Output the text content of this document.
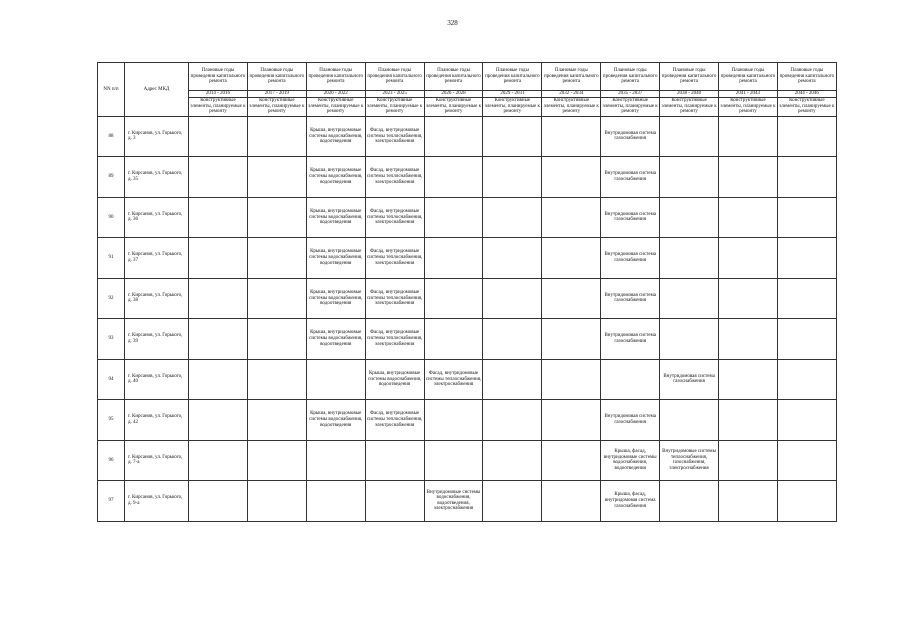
328
NN п/п	Адрес МКД	Плановые годы проведения капитального ремонта	Плановые годы проведения капитального ремонта	Плановые годы проведения капитального ремонта	Плановые годы проведения капитального ремонта	Плановые годы проведения капитального ремонта	Плановые годы проведения капитального ремонта	Плановые годы проведения капитального ремонта	Плановые годы проведения капитального ремонта	Плановые годы проведения капитального ремонта	Плановые годы проведения капитального ремонта	Плановые годы проведения капитального ремонта
		2014 - 2016	2017 - 2019	2020 - 2022	2023 - 2025	2026 - 2028	2029 - 2031	2032 - 2034	2035 - 2037	2038 - 2040	2041 - 2043	2044 - 2046
		Конструктивные элементы, планируемые к ремонту	Конструктивные элементы, планируемые к ремонту	Конструктивные элементы, планируемые к ремонту	Конструктивные элементы, планируемые к ремонту	Конструктивные элементы, планируемые к ремонту	Конструктивные элементы, планируемые к ремонту	Конструктивные элементы, планируемые к ремонту	Конструктивные элементы, планируемые к ремонту	Конструктивные элементы, планируемые к ремонту	Конструктивные элементы, планируемые к ремонту	Конструктивные элементы, планируемые к ремонту
88	г. Кирсанов, ул. Горького, д. 3			Крыша, внутридомовые системы водоснабжения, водоотведения	Фасад, внутридомовые системы теплоснабжения, электроснабжения				Внутридомовая система газоснабжения			
89	г. Кирсанов, ул. Горького, д. 35			Крыша, внутридомовые системы водоснабжения, водоотведения	Фасад, внутридомовые системы теплоснабжения, электроснабжения				Внутридомовая система газоснабжения			
90	г. Кирсанов, ул. Горького, д. 36			Крыша, внутридомовые системы водоснабжения, водоотведения	Фасад, внутридомовые системы теплоснабжения, электроснабжения				Внутридомовая система газоснабжения			
91	г. Кирсанов, ул. Горького, д. 37			Крыша, внутридомовые системы водоснабжения, водоотведения	Фасад, внутридомовые системы теплоснабжения, электроснабжения				Внутридомовая система газоснабжения			
92	г. Кирсанов, ул. Горького, д. 38			Крыша, внутридомовые системы водоснабжения, водоотведения	Фасад, внутридомовые системы теплоснабжения, электроснабжения				Внутридомовая система газоснабжения			
93	г. Кирсанов, ул. Горького, д. 39			Крыша, внутридомовые системы водоснабжения, водоотведения	Фасад, внутридомовые системы теплоснабжения, электроснабжения				Внутридомовая система газоснабжения			
94	г. Кирсанов, ул. Горького, д. 40				Крыша, внутридомовые системы водоснабжения, водоотведения	Фасад, внутридомовые системы теплоснабжения, электроснабжения				Внутридомовая система газоснабжения		
95	г. Кирсанов, ул. Горького, д. 42			Крыша, внутридомовые системы водоснабжения, водоотведения	Фасад, внутридомовые системы теплоснабжения, электроснабжения				Внутридомовая система газоснабжения			
96	г. Кирсанов, ул. Горького, д. 7-а								Крыша, фасад, внутридомовые системы водоснабжения, водоотведения	Внутридомовые системы теплоснабжения, газоснабжения, электроснабжения		
97	г. Кирсанов, ул. Горького, д. 9-а					Внутридомовые системы водоснабжения, водоотведения, электроснабжения			Крыша, фасад, внутридомовая система газоснабжения			
